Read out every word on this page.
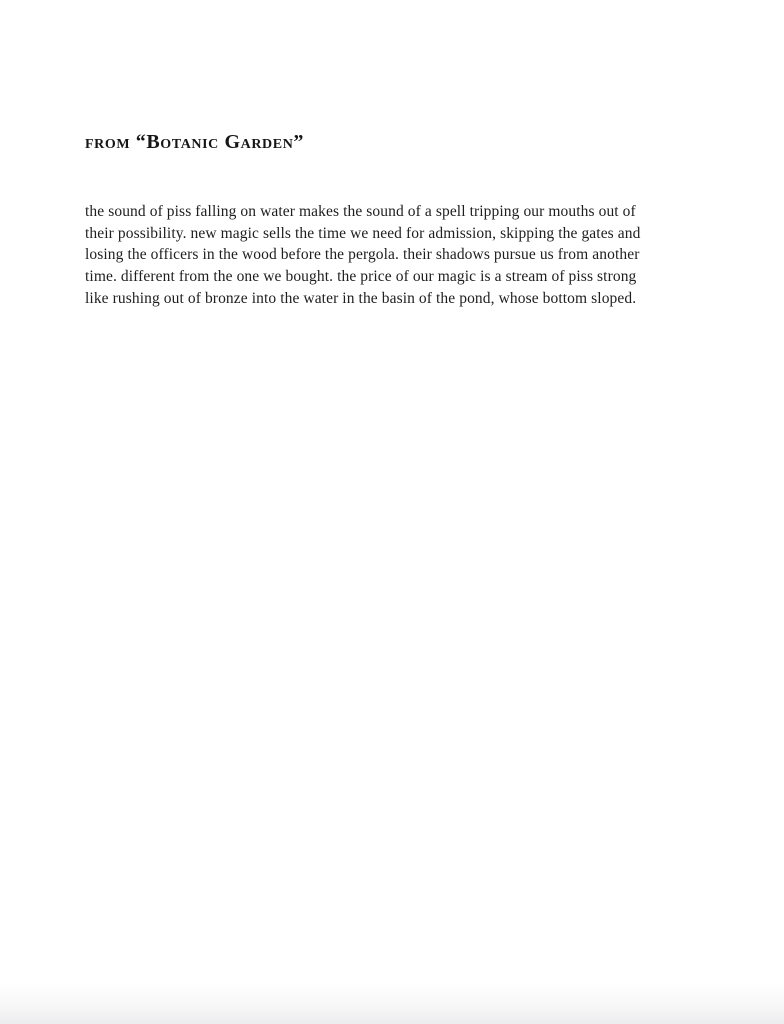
from “Botanic Garden”
the sound of piss falling on water makes the sound of a spell tripping our mouths out of
their possibility. new magic sells the time we need for admission, skipping the gates and
losing the officers in the wood before the pergola. their shadows pursue us from another
time. different from the one we bought. the price of our magic is a stream of piss strong
like rushing out of bronze into the water in the basin of the pond, whose bottom sloped.
